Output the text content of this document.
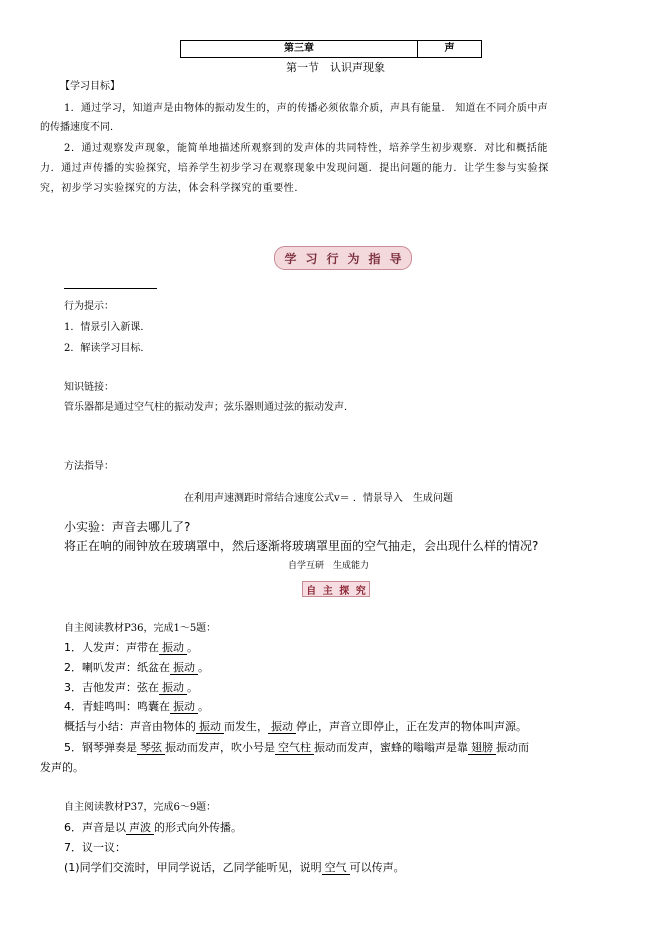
第三章	声
第一节　认识声现象
【学习目标】
1．通过学习，知道声是由物体的振动发生的，声的传播必须依靠介质，声具有能量． 知道在不同介质中声
的传播速度不同．
2．通过观察发声现象，能简单地描述所观察到的发声体的共同特性，培养学生初步观察．对比和概括能
力．通过声传播的实验探究，培养学生初步学习在观察现象中发现问题．提出问题的能力．让学生参与实验探
究，初步学习实验探究的方法，体会科学探究的重要性．
学 习 行 为 指 导
行为提示：
1．情景引入新课．
2．解读学习目标．
知识链接：
管乐器都是通过空气柱的振动发声；弦乐器则通过弦的振动发声．
方法指导：
在利用声速测距时常结合速度公式v＝ ．情景导入　生成问题
小实验：声音去哪儿了?
将正在响的闹钟放在玻璃罩中，然后逐渐将玻璃罩里面的空气抽走，会出现什么样的情况?
自学互研　生成能力
自 主 探 究
自主阅读教材P36，完成1～5题：
1．人发声：声带在 振动 。
2．喇叭发声：纸盆在 振动 。
3．吉他发声：弦在 振动 。
4．青蛙鸣叫：鸣囊在 振动 。
概括与小结：声音由物体的 振动 而发生， 振动 停止，声音立即停止，正在发声的物体叫声源。
5．钢琴弹奏是 琴弦 振动而发声，吹小号是 空气柱 振动而发声，蜜蜂的嗡嗡声是靠 翅膀 振动而
发声的。
自主阅读教材P37，完成6～9题：
6．声音是以 声波 的形式向外传播。
7．议一议：
(1)同学们交流时，甲同学说话，乙同学能听见，说明 空气 可以传声。
